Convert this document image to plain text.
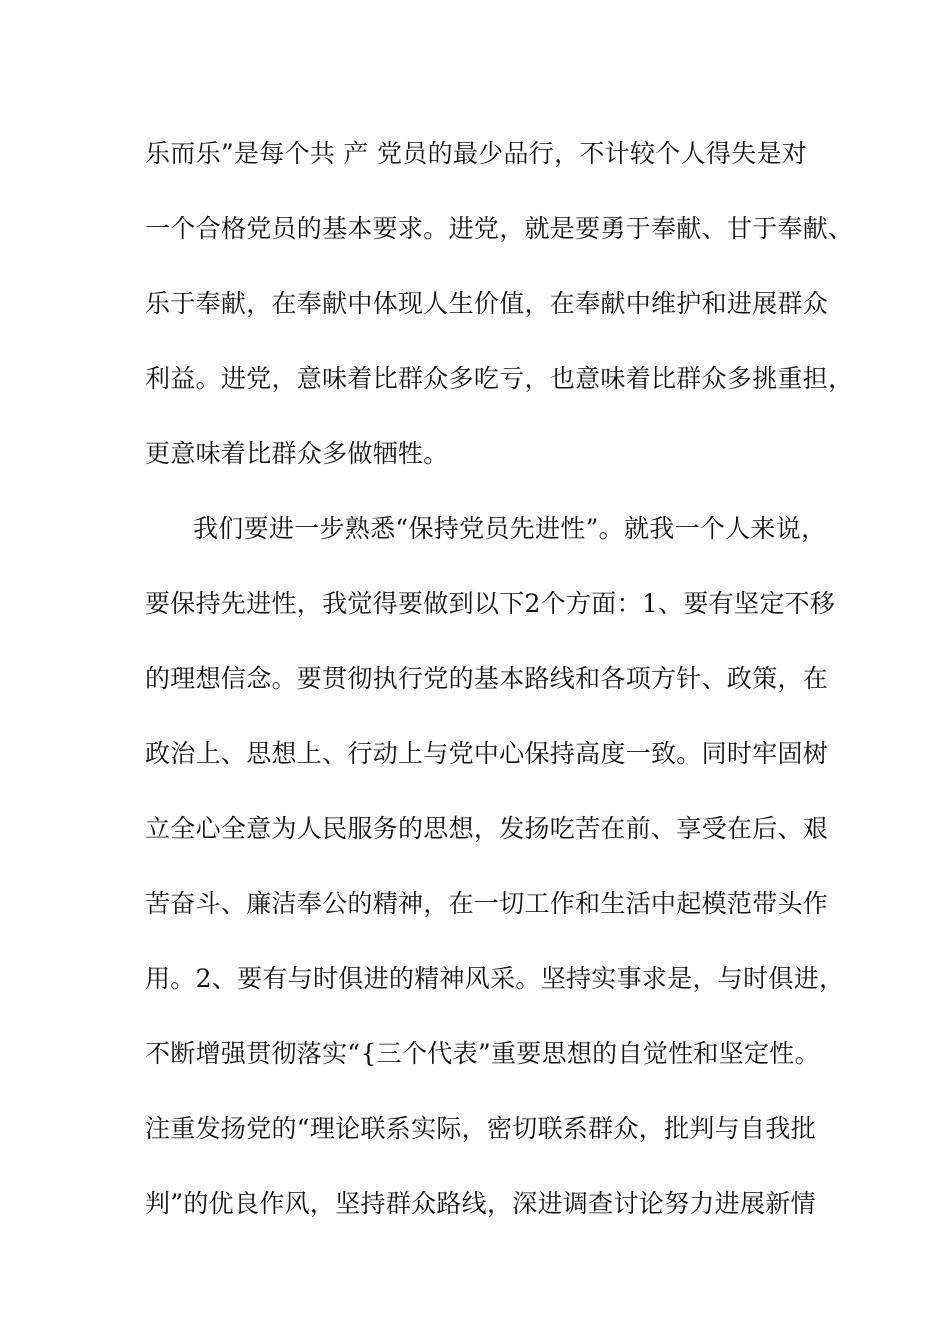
乐而乐”是每个共 产 党员的最少品行，不计较个人得失是对

一个合格党员的基本要求。进党，就是要勇于奉献、甘于奉献、

乐于奉献，在奉献中体现人生价值，在奉献中维护和进展群众

利益。进党，意味着比群众多吃亏，也意味着比群众多挑重担，

更意味着比群众多做牺牲。

我们要进一步熟悉“保持党员先进性”。就我一个人来说，

要保持先进性，我觉得要做到以下2个方面：1、要有坚定不移

的理想信念。要贯彻执行党的基本路线和各项方针、政策，在

政治上、思想上、行动上与党中心保持高度一致。同时牢固树

立全心全意为人民服务的思想，发扬吃苦在前、享受在后、艰

苦奋斗、廉洁奉公的精神，在一切工作和生活中起模范带头作

用。2、要有与时俱进的精神风采。坚持实事求是，与时俱进，

不断增强贯彻落实“{三个代表”重要思想的自觉性和坚定性。

注重发扬党的“理论联系实际，密切联系群众，批判与自我批

判”的优良作风，坚持群众路线，深进调查讨论努力进展新情
